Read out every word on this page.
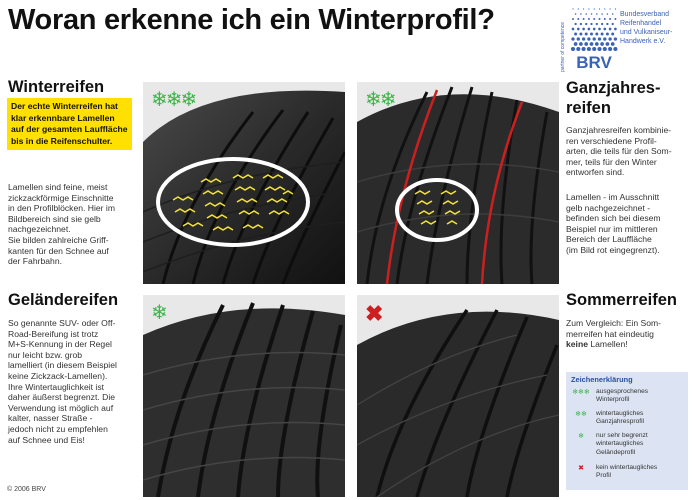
Woran erkenne ich ein Winterprofil?
partner of competence BRV
Bundesverband
Reifenhandel
und Vulkaniseur-
Handwerk e.V.
Winterreifen
Der echte Winterreifen hat klar erkennbare Lamellen auf der gesamten Lauffläche bis in die Reifenschulter.
Lamellen sind feine, meist
zickzackförmige Einschnitte
in den Profilblöcken. Hier im
Bildbereich sind sie gelb
nachgezeichnet.
Sie bilden zahlreiche Griff-
kanten für den Schnee auf
der Fahrbahn.
Geländereifen
So genannte SUV- oder Off-
Road-Bereifung ist trotz
M+S-Kennung in der Regel
nur leicht bzw. grob
lamelliert (in diesem Beispiel
keine Zickzack-Lamellen).
Ihre Wintertauglichkeit ist
daher äußerst begrenzt. Die
Verwendung ist möglich auf
kalter, nasser Straße -
jedoch nicht zu empfehlen
auf Schnee und Eis!
Ganzjahres-
reifen
Ganzjahresreifen kombinie-
ren verschiedene Profil-
arten, die teils für den Som-
mer, teils für den Winter
entworfen sind.
Lamellen - im Ausschnitt
gelb nachgezeichnet -
befinden sich bei diesem
Beispiel nur im mittleren
Bereich der Lauffläche
(im Bild rot eingegrenzt).
Sommerreifen
Zum Vergleich: Ein Som-
merreifen hat eindeutig
keine Lamellen!
Zeichenerklärung
❄❄❄ ausgesprochenes
Winterprofil
❄❄	wintertaugliches
Ganzjahresprofil
❄	nur sehr begrenzt
wintertaugliches
Geländeprofil
✖	kein wintertaugliches
Profil
© 2006 BRV
❄❄❄	❄❄
❄	✖
